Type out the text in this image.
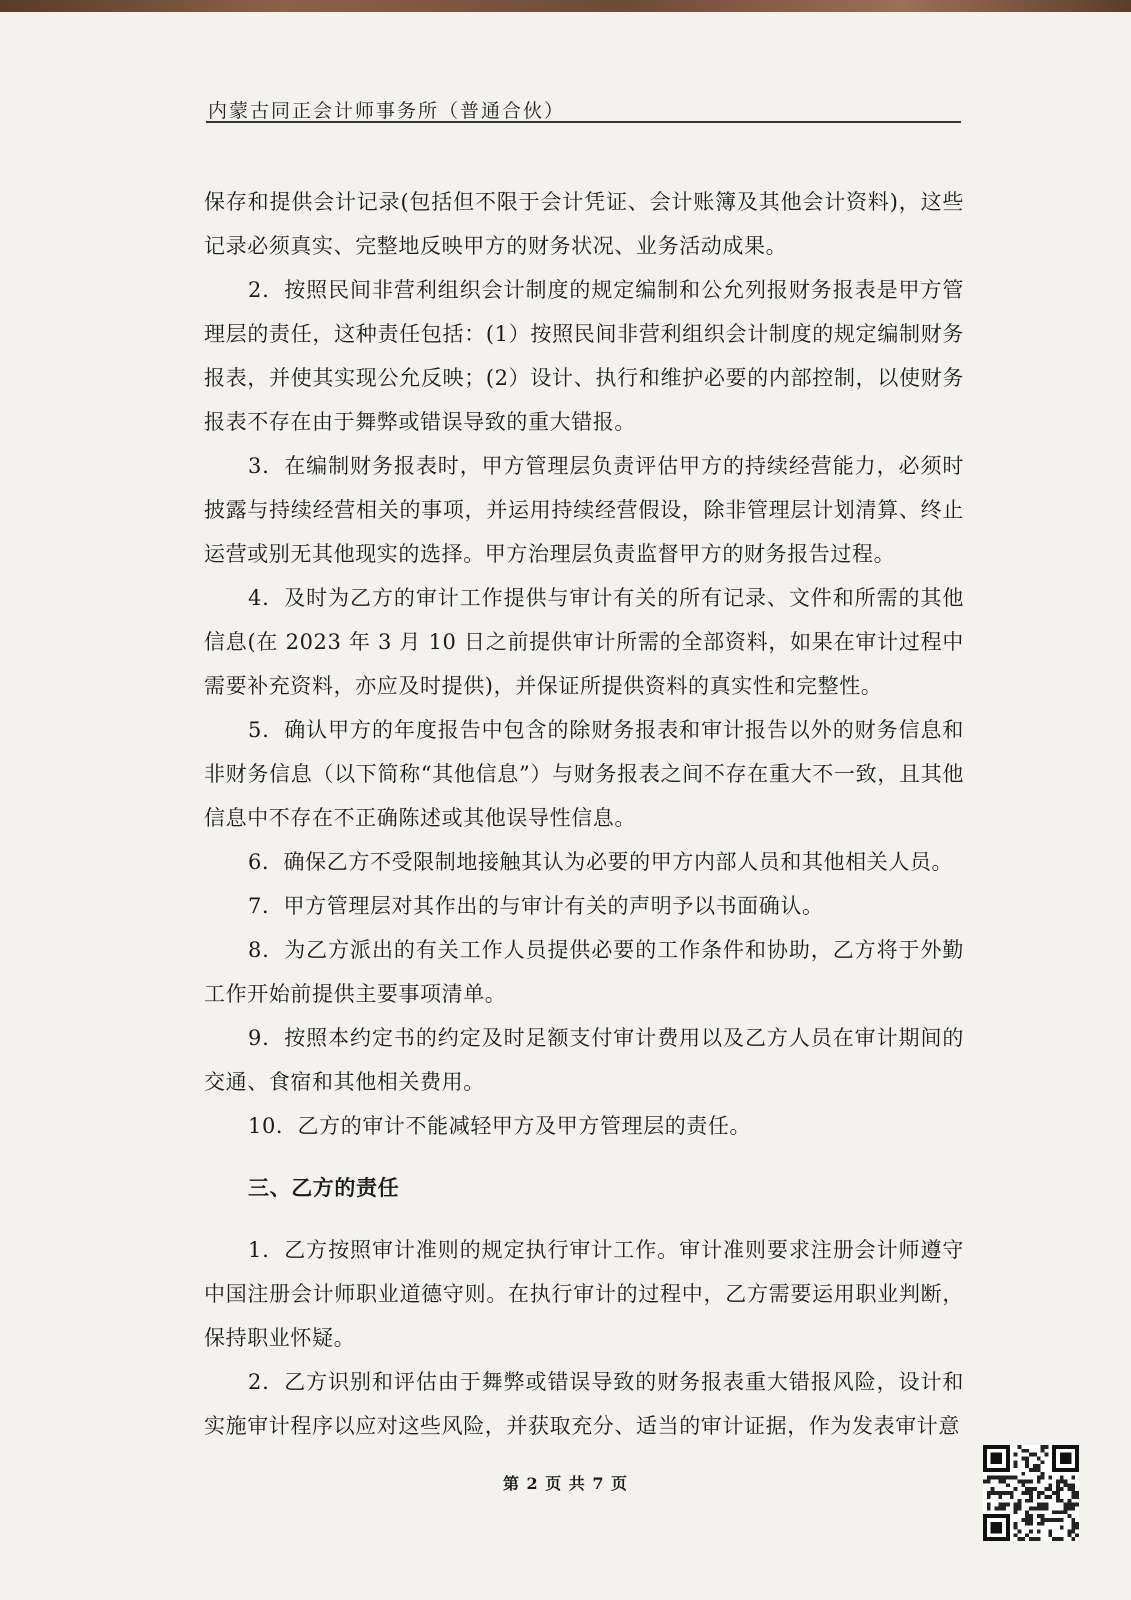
内蒙古同正会计师事务所（普通合伙）

保存和提供会计记录(包括但不限于会计凭证、会计账簿及其他会计资料)，这些记录必须真实、完整地反映甲方的财务状况、业务活动成果。

2．按照民间非营利组织会计制度的规定编制和公允列报财务报表是甲方管理层的责任，这种责任包括：(1）按照民间非营利组织会计制度的规定编制财务报表，并使其实现公允反映；(2）设计、执行和维护必要的内部控制，以使财务报表不存在由于舞弊或错误导致的重大错报。

3．在编制财务报表时，甲方管理层负责评估甲方的持续经营能力，必须时披露与持续经营相关的事项，并运用持续经营假设，除非管理层计划清算、终止运营或别无其他现实的选择。甲方治理层负责监督甲方的财务报告过程。

4．及时为乙方的审计工作提供与审计有关的所有记录、文件和所需的其他信息(在 2023 年 3 月 10 日之前提供审计所需的全部资料，如果在审计过程中需要补充资料，亦应及时提供)，并保证所提供资料的真实性和完整性。

5．确认甲方的年度报告中包含的除财务报表和审计报告以外的财务信息和非财务信息（以下简称“其他信息”）与财务报表之间不存在重大不一致，且其他信息中不存在不正确陈述或其他误导性信息。

6．确保乙方不受限制地接触其认为必要的甲方内部人员和其他相关人员。

7．甲方管理层对其作出的与审计有关的声明予以书面确认。

8．为乙方派出的有关工作人员提供必要的工作条件和协助，乙方将于外勤工作开始前提供主要事项清单。

9．按照本约定书的约定及时足额支付审计费用以及乙方人员在审计期间的交通、食宿和其他相关费用。

10．乙方的审计不能减轻甲方及甲方管理层的责任。

三、乙方的责任

1．乙方按照审计准则的规定执行审计工作。审计准则要求注册会计师遵守中国注册会计师职业道德守则。在执行审计的过程中，乙方需要运用职业判断，保持职业怀疑。

2．乙方识别和评估由于舞弊或错误导致的财务报表重大错报风险，设计和实施审计程序以应对这些风险，并获取充分、适当的审计证据，作为发表审计意

第 2 页 共 7 页
